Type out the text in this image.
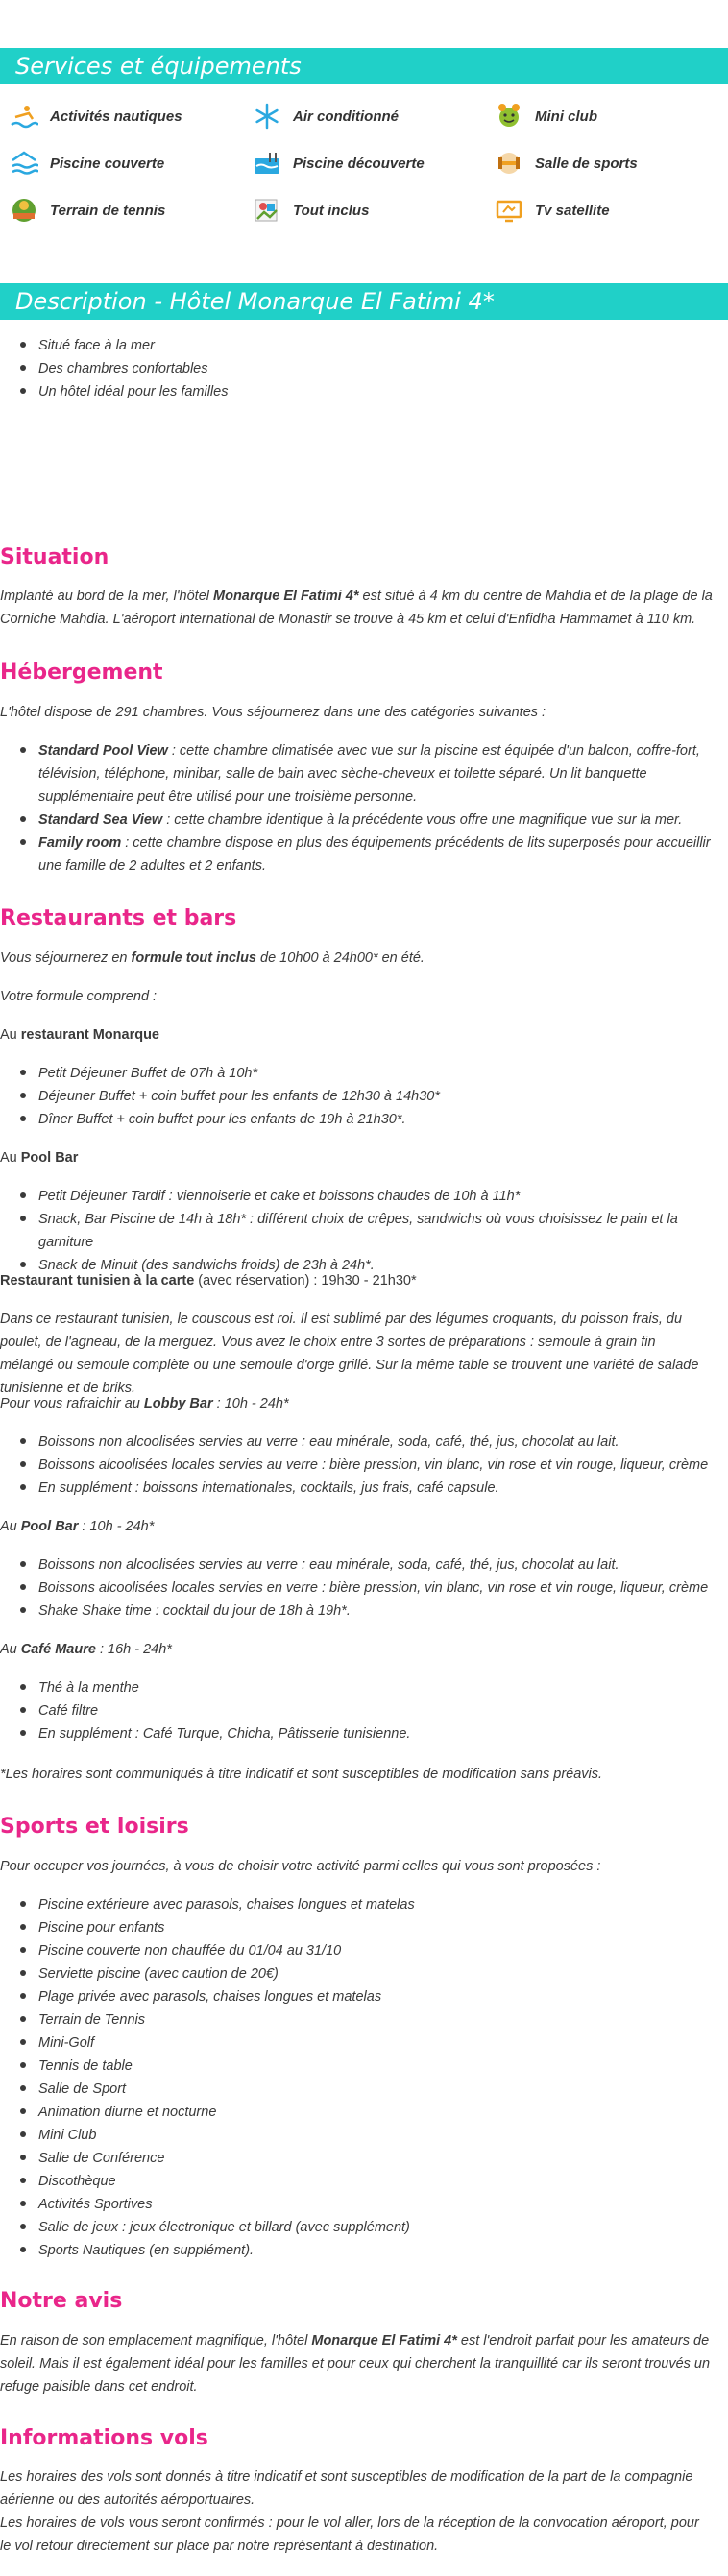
Services et équipements
Activités nautiques	Air conditionné	Mini club
Piscine couverte	Piscine découverte	Salle de sports
Terrain de tennis	Tout inclus	Tv satellite
Description - Hôtel Monarque El Fatimi 4*
Situé face à la mer
Des chambres confortables
Un hôtel idéal pour les familles
Situation

Implanté au bord de la mer, l'hôtel Monarque El Fatimi 4* est situé à 4 km du centre de Mahdia et de la plage de la Corniche Mahdia. L'aéroport international de Monastir se trouve à 45 km et celui d'Enfidha Hammamet à 110 km.

Hébergement

L'hôtel dispose de 291 chambres. Vous séjournerez dans une des catégories suivantes :

Standard Pool View : cette chambre climatisée avec vue sur la piscine est équipée d'un balcon, coffre-fort, télévision, téléphone, minibar, salle de bain avec sèche-cheveux et toilette séparé. Un lit banquette supplémentaire peut être utilisé pour une troisième personne.
Standard Sea View : cette chambre identique à la précédente vous offre une magnifique vue sur la mer.
Family room : cette chambre dispose en plus des équipements précédents de lits superposés pour accueillir une famille de 2 adultes et 2 enfants.
Restaurants et bars

Vous séjournerez en formule tout inclus de 10h00 à 24h00* en été.

Votre formule comprend :

Au restaurant Monarque

Petit Déjeuner Buffet de 07h à 10h*
Déjeuner Buffet + coin buffet pour les enfants de 12h30 à 14h30*
Dîner Buffet + coin buffet pour les enfants de 19h à 21h30*.

Au Pool Bar

Petit Déjeuner Tardif : viennoiserie et cake et boissons chaudes de 10h à 11h*
Snack, Bar Piscine de 14h à 18h* : différent choix de crêpes, sandwichs où vous choisissez le pain et la garniture
Snack de Minuit (des sandwichs froids) de 23h à 24h*.

Restaurant tunisien à la carte (avec réservation) : 19h30 - 21h30*

Dans ce restaurant tunisien, le couscous est roi. Il est sublimé par des légumes croquants, du poisson frais, du poulet, de l'agneau, de la merguez. Vous avez le choix entre 3 sortes de préparations : semoule à grain fin mélangé ou semoule complète ou une semoule d'orge grillé. Sur la même table se trouvent une variété de salade tunisienne et de briks.

Pour vous rafraichir au Lobby Bar : 10h - 24h*

Boissons non alcoolisées servies au verre : eau minérale, soda, café, thé, jus, chocolat au lait.
Boissons alcoolisées locales servies au verre : bière pression, vin blanc, vin rose et vin rouge, liqueur, crème
En supplément : boissons internationales, cocktails, jus frais, café capsule.

Au Pool Bar : 10h - 24h*

Boissons non alcoolisées servies au verre : eau minérale, soda, café, thé, jus, chocolat au lait.
Boissons alcoolisées locales servies en verre : bière pression, vin blanc, vin rose et vin rouge, liqueur, crème
Shake Shake time : cocktail du jour de 18h à 19h*.

Au Café Maure : 16h - 24h*

Thé à la menthe
Café filtre
En supplément : Café Turque, Chicha, Pâtisserie tunisienne.

*Les horaires sont communiqués à titre indicatif et sont susceptibles de modification sans préavis.

Sports et loisirs

Pour occuper vos journées, à vous de choisir votre activité parmi celles qui vous sont proposées :

Piscine extérieure avec parasols, chaises longues et matelas
Piscine pour enfants
Piscine couverte non chauffée du 01/04 au 31/10
Serviette piscine (avec caution de 20€)
Plage privée avec parasols, chaises longues et matelas
Terrain de Tennis
Mini-Golf
Tennis de table
Salle de Sport
Animation diurne et nocturne
Mini Club
Salle de Conférence
Discothèque
Activités Sportives
Salle de jeux : jeux électronique et billard (avec supplément)
Sports Nautiques (en supplément).
Notre avis

En raison de son emplacement magnifique, l'hôtel Monarque El Fatimi 4* est l'endroit parfait pour les amateurs de soleil. Mais il est également idéal pour les familles et pour ceux qui cherchent la tranquillité car ils seront trouvés un refuge paisible dans cet endroit.

Informations vols

Les horaires des vols sont donnés à titre indicatif et sont susceptibles de modification de la part de la compagnie aérienne ou des autorités aéroportuaires.
Les horaires de vols vous seront confirmés : pour le vol aller, lors de la réception de la convocation aéroport, pour le vol retour directement sur place par notre représentant à destination.
